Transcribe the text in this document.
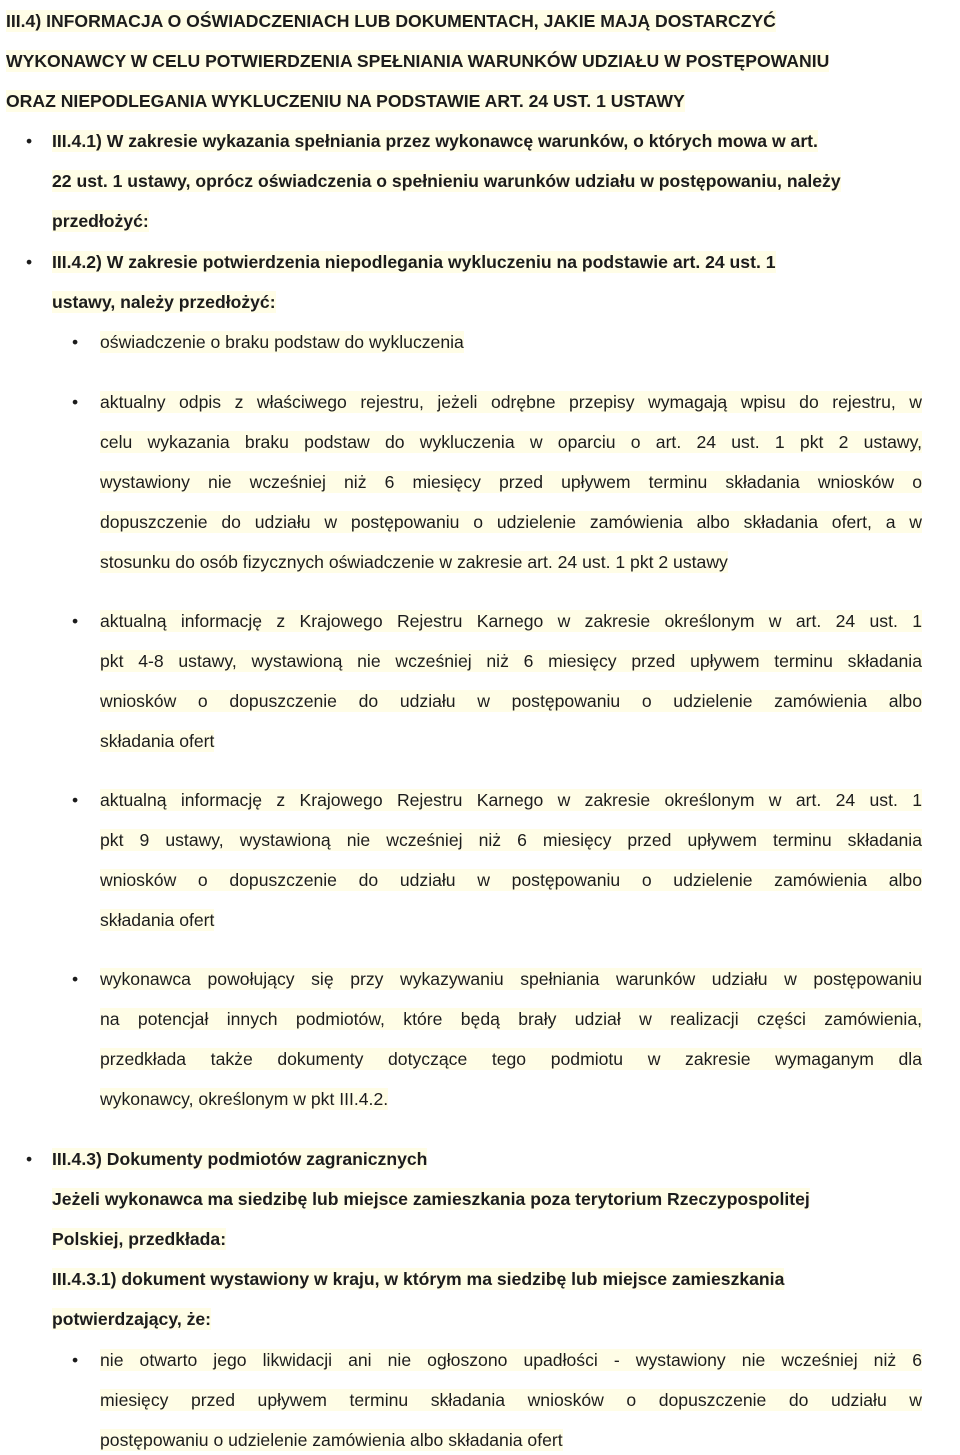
III.4) INFORMACJA O OŚWIADCZENIACH LUB DOKUMENTACH, JAKIE MAJĄ DOSTARCZYĆ
WYKONAWCY W CELU POTWIERDZENIA SPEŁNIANIA WARUNKÓW UDZIAŁU W POSTĘPOWANIU
ORAZ NIEPODLEGANIA WYKLUCZENIU NA PODSTAWIE ART. 24 UST. 1 USTAWY
• III.4.1) W zakresie wykazania spełniania przez wykonawcę warunków, o których mowa w art.
22 ust. 1 ustawy, oprócz oświadczenia o spełnieniu warunków udziału w postępowaniu, należy
przedłożyć:
• III.4.2) W zakresie potwierdzenia niepodlegania wykluczeniu na podstawie art. 24 ust. 1
ustawy, należy przedłożyć:
• oświadczenie o braku podstaw do wykluczenia
• aktualny odpis z właściwego rejestru, jeżeli odrębne przepisy wymagają wpisu do rejestru, w
celu wykazania braku podstaw do wykluczenia w oparciu o art. 24 ust. 1 pkt 2 ustawy,
wystawiony nie wcześniej niż 6 miesięcy przed upływem terminu składania wniosków o
dopuszczenie do udziału w postępowaniu o udzielenie zamówienia albo składania ofert, a w
stosunku do osób fizycznych oświadczenie w zakresie art. 24 ust. 1 pkt 2 ustawy
• aktualną informację z Krajowego Rejestru Karnego w zakresie określonym w art. 24 ust. 1
pkt 4-8 ustawy, wystawioną nie wcześniej niż 6 miesięcy przed upływem terminu składania
wniosków o dopuszczenie do udziału w postępowaniu o udzielenie zamówienia albo
składania ofert
• aktualną informację z Krajowego Rejestru Karnego w zakresie określonym w art. 24 ust. 1
pkt 9 ustawy, wystawioną nie wcześniej niż 6 miesięcy przed upływem terminu składania
wniosków o dopuszczenie do udziału w postępowaniu o udzielenie zamówienia albo
składania ofert
• wykonawca powołujący się przy wykazywaniu spełniania warunków udziału w postępowaniu
na potencjał innych podmiotów, które będą brały udział w realizacji części zamówienia,
przedkłada także dokumenty dotyczące tego podmiotu w zakresie wymaganym dla
wykonawcy, określonym w pkt III.4.2.
• III.4.3) Dokumenty podmiotów zagranicznych
Jeżeli wykonawca ma siedzibę lub miejsce zamieszkania poza terytorium Rzeczypospolitej
Polskiej, przedkłada:
III.4.3.1) dokument wystawiony w kraju, w którym ma siedzibę lub miejsce zamieszkania
potwierdzający, że:
• nie otwarto jego likwidacji ani nie ogłoszono upadłości - wystawiony nie wcześniej niż 6
miesięcy przed upływem terminu składania wniosków o dopuszczenie do udziału w
postępowaniu o udzielenie zamówienia albo składania ofert
